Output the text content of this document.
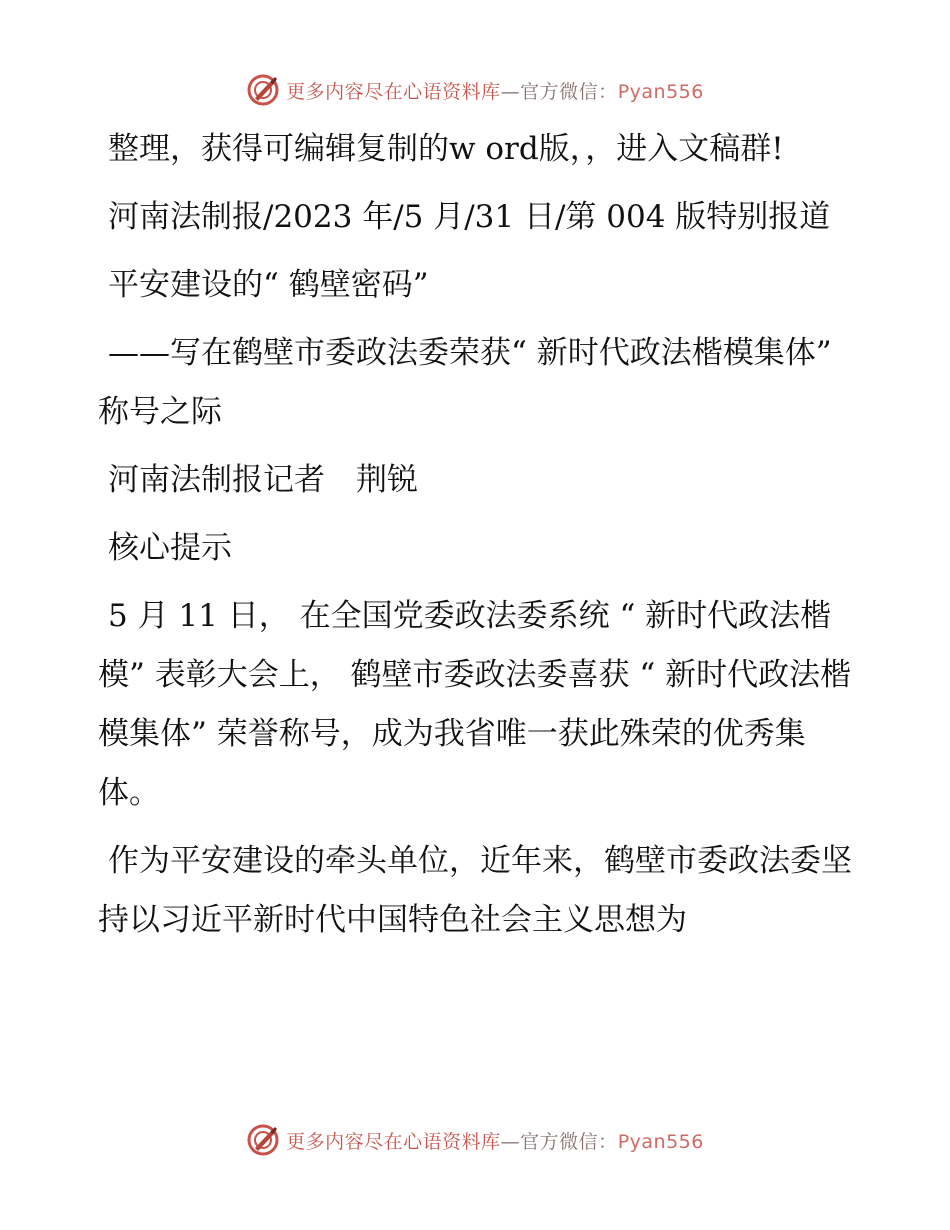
更多内容尽在心语资料库—官方微信：Pyan556

整理，获得可编辑复制的w ord版，，进入文稿群!

河南法制报/2023 年/5 月/31 日/第 004 版特别报道

平安建设的“ 鹤壁密码”

——写在鹤壁市委政法委荣获“ 新时代政法楷模集体” 称号之际

河南法制报记者　荆锐

核心提示

5 月 11 日， 在全国党委政法委系统 “ 新时代政法楷模” 表彰大会上， 鹤壁市委政法委喜获 “ 新时代政法楷模集体” 荣誉称号，成为我省唯一获此殊荣的优秀集体。

作为平安建设的牵头单位，近年来，鹤壁市委政法委坚持以习近平新时代中国特色社会主义思想为

更多内容尽在心语资料库—官方微信：Pyan556
